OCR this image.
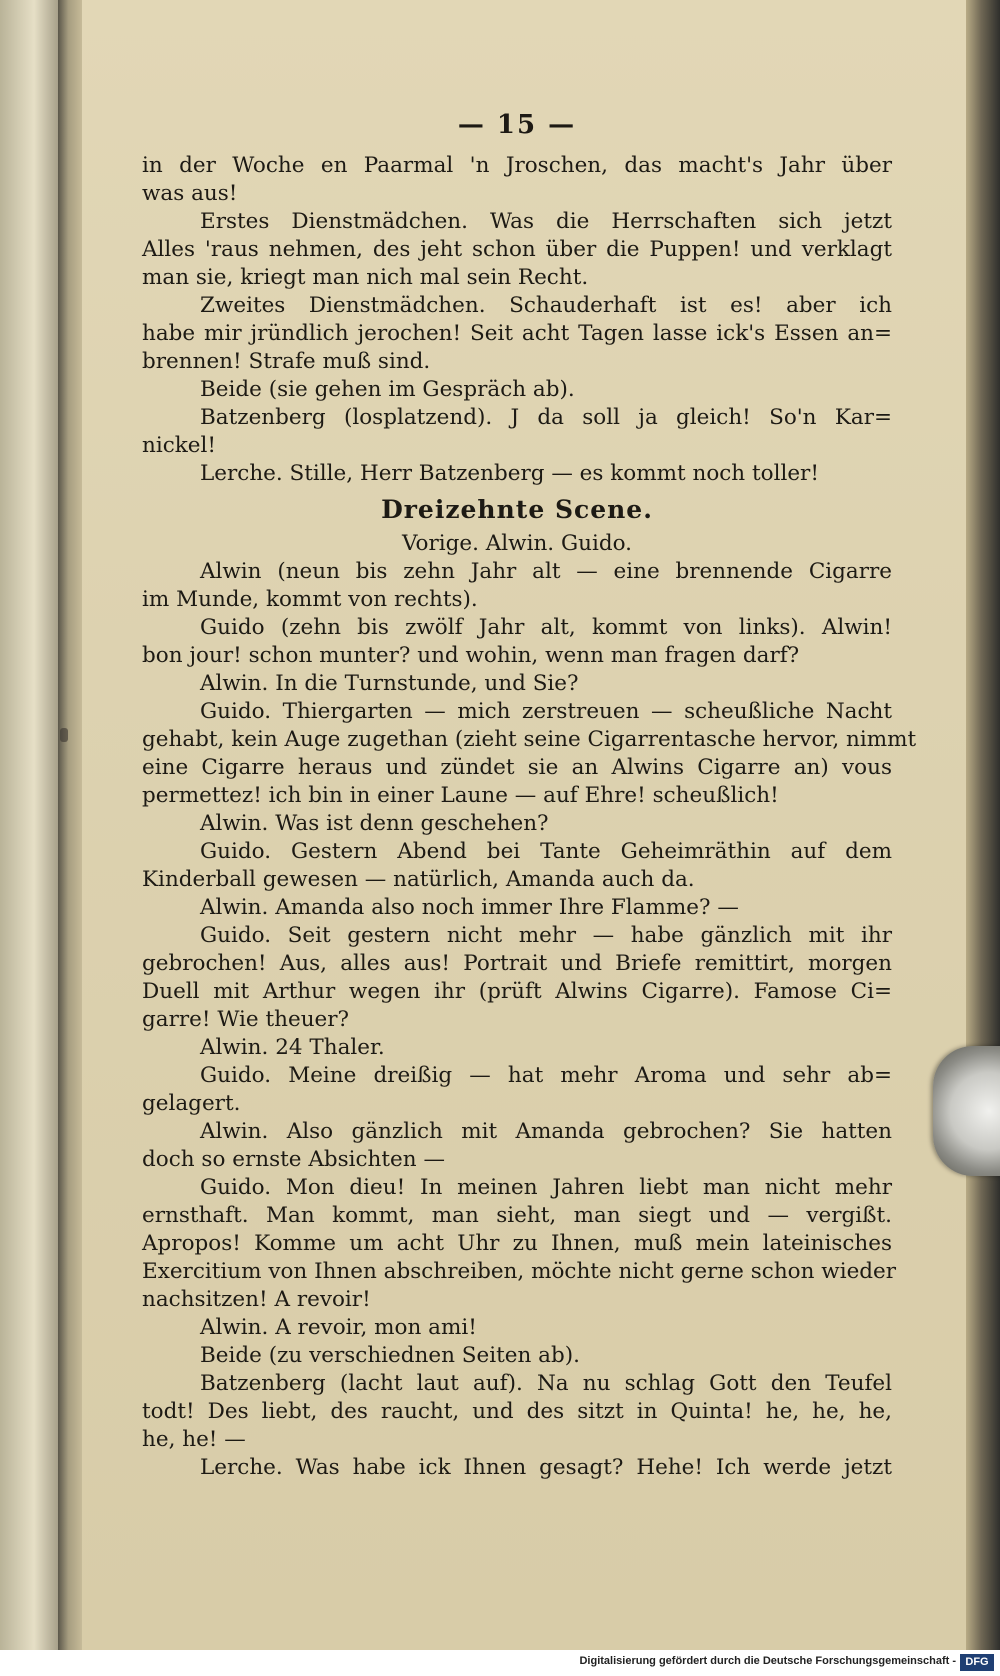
— 15 —
in der Woche en Paarmal 'n Jroschen, das macht's Jahr über
was aus!
Erstes Dienstmädchen. Was die Herrschaften sich jetzt
Alles 'raus nehmen, des jeht schon über die Puppen! und verklagt
man sie, kriegt man nich mal sein Recht.
Zweites Dienstmädchen. Schauderhaft ist es! aber ich
habe mir jründlich jerochen! Seit acht Tagen lasse ick's Essen an=
brennen! Strafe muß sind.
Beide (sie gehen im Gespräch ab).
Batzenberg (losplatzend). J da soll ja gleich! So'n Kar=
nickel!
Lerche. Stille, Herr Batzenberg — es kommt noch toller!
Dreizehnte Scene.
Vorige. Alwin. Guido.
Alwin (neun bis zehn Jahr alt — eine brennende Cigarre
im Munde, kommt von rechts).
Guido (zehn bis zwölf Jahr alt, kommt von links). Alwin!
bon jour! schon munter? und wohin, wenn man fragen darf?
Alwin. In die Turnstunde, und Sie?
Guido. Thiergarten — mich zerstreuen — scheußliche Nacht
gehabt, kein Auge zugethan (zieht seine Cigarrentasche hervor, nimmt
eine Cigarre heraus und zündet sie an Alwins Cigarre an) vous
permettez! ich bin in einer Laune — auf Ehre! scheußlich!
Alwin. Was ist denn geschehen?
Guido. Gestern Abend bei Tante Geheimräthin auf dem
Kinderball gewesen — natürlich, Amanda auch da.
Alwin. Amanda also noch immer Ihre Flamme? —
Guido. Seit gestern nicht mehr — habe gänzlich mit ihr
gebrochen! Aus, alles aus! Portrait und Briefe remittirt, morgen
Duell mit Arthur wegen ihr (prüft Alwins Cigarre). Famose Ci=
garre! Wie theuer?
Alwin. 24 Thaler.
Guido. Meine dreißig — hat mehr Aroma und sehr ab=
gelagert.
Alwin. Also gänzlich mit Amanda gebrochen? Sie hatten
doch so ernste Absichten —
Guido. Mon dieu! In meinen Jahren liebt man nicht mehr
ernsthaft. Man kommt, man sieht, man siegt und — vergißt.
Apropos! Komme um acht Uhr zu Ihnen, muß mein lateinisches
Exercitium von Ihnen abschreiben, möchte nicht gerne schon wieder
nachsitzen! A revoir!
Alwin. A revoir, mon ami!
Beide (zu verschiednen Seiten ab).
Batzenberg (lacht laut auf). Na nu schlag Gott den Teufel
todt! Des liebt, des raucht, und des sitzt in Quinta! he, he, he,
he, he! —
Lerche. Was habe ick Ihnen gesagt? Hehe! Ich werde jetzt
Digitalisierung gefördert durch die Deutsche Forschungsgemeinschaft - DFG
